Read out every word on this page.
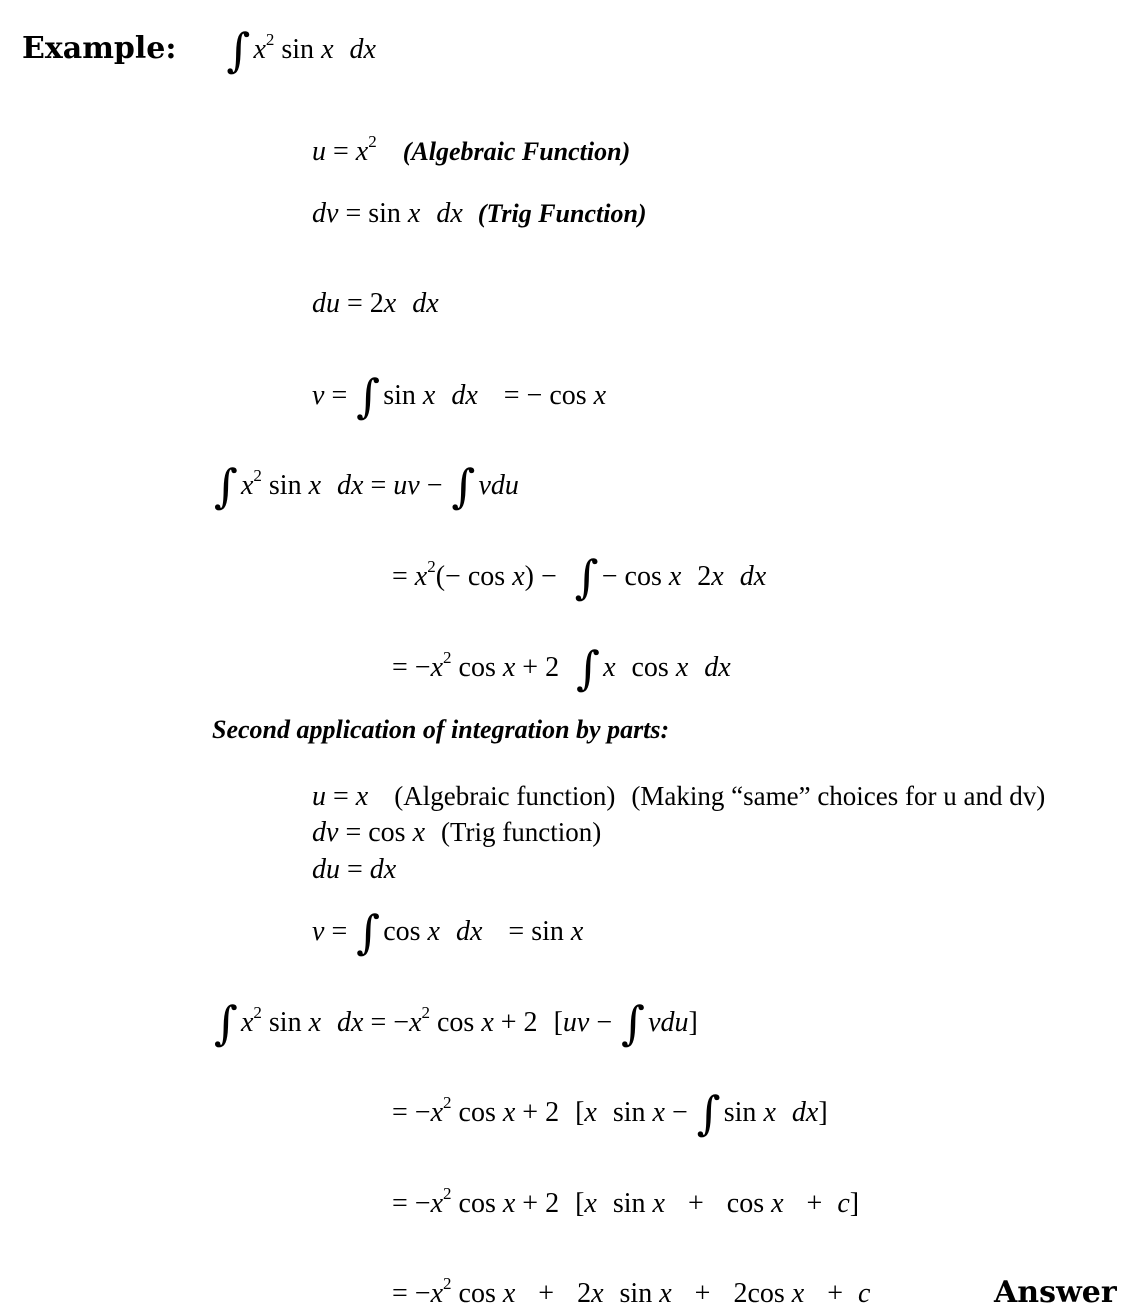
Example: ∫ $x^2$ sin x dx

$u = x^2$ (Algebraic Function)

dv = sin x dx (Trig Function)

du = 2x dx

v = ∫ sin x dx = − cos x

∫ $x^2$ sin x dx = uv − ∫ vdu

= $x^2(- \cos x)$ − ∫ − cos x 2x dx

= $-x^2$ cos x + 2 ∫ x cos x dx

Second application of integration by parts:

u = x (Algebraic function) (Making “same” choices for u and dv)

dv = cos x (Trig function)

du = dx

v = ∫ cos x dx = sin x

∫ $x^2$ sin x dx = $-x^2$ cos x + 2 [uv − ∫ vdu]

= $-x^2$ cos x + 2 [x sin x − ∫ sin x dx]

= $-x^2$ cos x + 2 [x sin x + cos x + c]

= $-x^2$ cos x + 2x sin x + 2cos x + c	Answer
